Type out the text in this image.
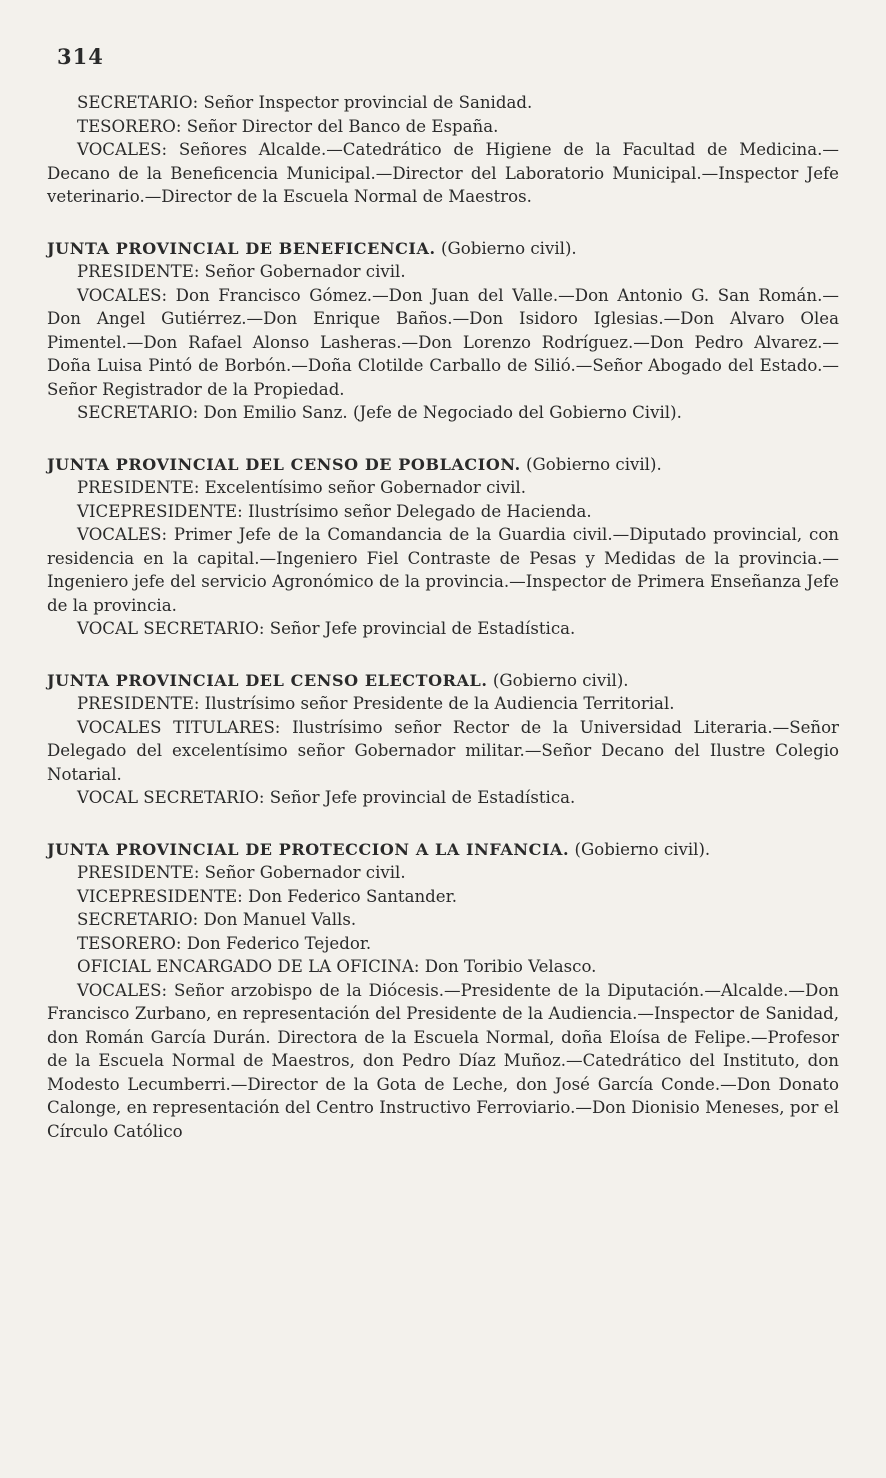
314

SECRETARIO: Señor Inspector provincial de Sanidad.

TESORERO: Señor Director del Banco de España.

VOCALES: Señores Alcalde.—Catedrático de Higiene de la Facultad de Medicina.—Decano de la Beneficencia Municipal.—Director del Laboratorio Municipal.—Inspector Jefe veterinario.—Director de la Escuela Normal de Maestros.

JUNTA PROVINCIAL DE BENEFICENCIA. (Gobierno civil).

PRESIDENTE: Señor Gobernador civil.

VOCALES: Don Francisco Gómez.—Don Juan del Valle.—Don Antonio G. San Román.—Don Angel Gutiérrez.—Don Enrique Baños.—Don Isidoro Iglesias.—Don Alvaro Olea Pimentel.—Don Rafael Alonso Lasheras.—Don Lorenzo Rodríguez.—Don Pedro Alvarez.—Doña Luisa Pintó de Borbón.—Doña Clotilde Carballo de Silió.—Señor Abogado del Estado.—Señor Registrador de la Propiedad.

SECRETARIO: Don Emilio Sanz. (Jefe de Negociado del Gobierno Civil).

JUNTA PROVINCIAL DEL CENSO DE POBLACION. (Gobierno civil).

PRESIDENTE: Excelentísimo señor Gobernador civil.

VICEPRESIDENTE: Ilustrísimo señor Delegado de Hacienda.

VOCALES: Primer Jefe de la Comandancia de la Guardia civil.—Diputado provincial, con residencia en la capital.—Ingeniero Fiel Contraste de Pesas y Medidas de la provincia.—Ingeniero jefe del servicio Agronómico de la provincia.—Inspector de Primera Enseñanza Jefe de la provincia.

VOCAL SECRETARIO: Señor Jefe provincial de Estadística.

JUNTA PROVINCIAL DEL CENSO ELECTORAL. (Gobierno civil).

PRESIDENTE: Ilustrísimo señor Presidente de la Audiencia Territorial.

VOCALES TITULARES: Ilustrísimo señor Rector de la Universidad Literaria.—Señor Delegado del excelentísimo señor Gobernador militar.—Señor Decano del Ilustre Colegio Notarial.

VOCAL SECRETARIO: Señor Jefe provincial de Estadística.

JUNTA PROVINCIAL DE PROTECCION A LA INFANCIA. (Gobierno civil).

PRESIDENTE: Señor Gobernador civil.

VICEPRESIDENTE: Don Federico Santander.

SECRETARIO: Don Manuel Valls.

TESORERO: Don Federico Tejedor.

OFICIAL ENCARGADO DE LA OFICINA: Don Toribio Velasco.

VOCALES: Señor arzobispo de la Diócesis.—Presidente de la Diputación.—Alcalde.—Don Francisco Zurbano, en representación del Presidente de la Audiencia.—Inspector de Sanidad, don Román García Durán. Directora de la Escuela Normal, doña Eloísa de Felipe.—Profesor de la Escuela Normal de Maestros, don Pedro Díaz Muñoz.—Catedrático del Instituto, don Modesto Lecumberri.—Director de la Gota de Leche, don José García Conde.—Don Donato Calonge, en representación del Centro Instructivo Ferroviario.—Don Dionisio Meneses, por el Círculo Católico
